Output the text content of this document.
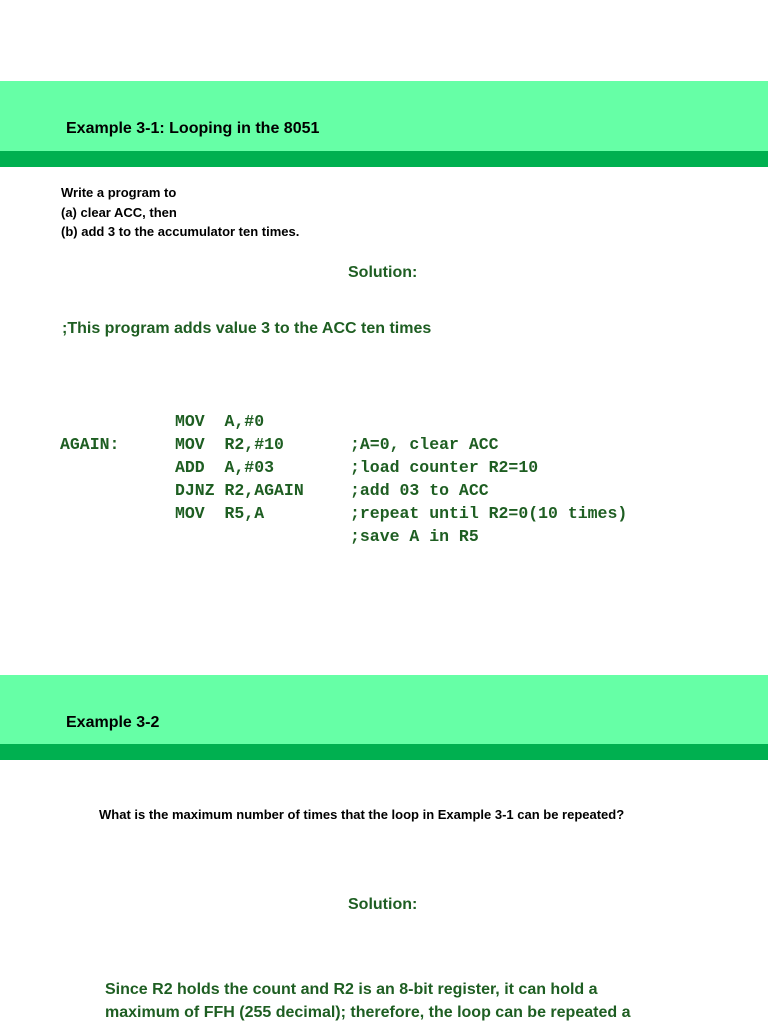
Example 3-1: Looping in the 8051
Write a program to
(a) clear ACC, then
(b) add 3 to the accumulator ten times.
Solution:
;This program adds value 3 to the ACC ten times

MOV  A,#0

;A=0, clear ACC

MOV  R2,#10

;load counter R2=10

AGAIN:

ADD  A,#03

;add 03 to ACC

DJNZ R2,AGAIN

;repeat until R2=0(10 times)

MOV  R5,A

;save A in R5

Example 3-2
What is the maximum number of times that the loop in Example 3-1 can be repeated?
Solution:
Since R2 holds the count and R2 is an 8-bit register, it can hold a
maximum of FFH (255 decimal); therefore, the loop can be repeated a
